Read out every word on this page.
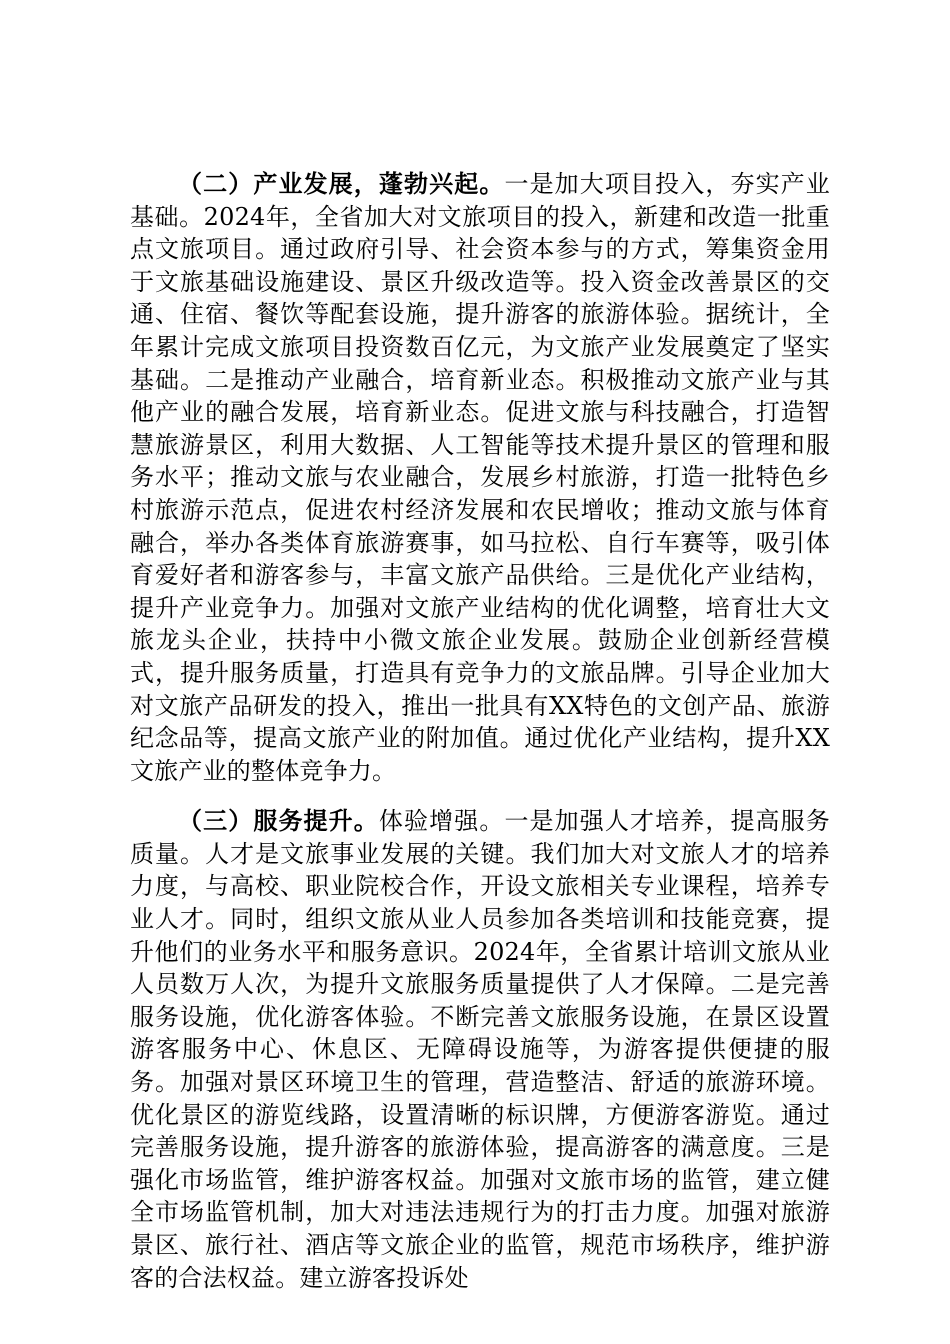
（二）产业发展，蓬勃兴起。一是加大项目投入，夯实产业基础。2024年，全省加大对文旅项目的投入，新建和改造一批重点文旅项目。通过政府引导、社会资本参与的方式，筹集资金用于文旅基础设施建设、景区升级改造等。投入资金改善景区的交通、住宿、餐饮等配套设施，提升游客的旅游体验。据统计，全年累计完成文旅项目投资数百亿元，为文旅产业发展奠定了坚实基础。二是推动产业融合，培育新业态。积极推动文旅产业与其他产业的融合发展，培育新业态。促进文旅与科技融合，打造智慧旅游景区，利用大数据、人工智能等技术提升景区的管理和服务水平；推动文旅与农业融合，发展乡村旅游，打造一批特色乡村旅游示范点，促进农村经济发展和农民增收；推动文旅与体育融合，举办各类体育旅游赛事，如马拉松、自行车赛等，吸引体育爱好者和游客参与，丰富文旅产品供给。三是优化产业结构，提升产业竞争力。加强对文旅产业结构的优化调整，培育壮大文旅龙头企业，扶持中小微文旅企业发展。鼓励企业创新经营模式，提升服务质量，打造具有竞争力的文旅品牌。引导企业加大对文旅产品研发的投入，推出一批具有XX特色的文创产品、旅游纪念品等，提高文旅产业的附加值。通过优化产业结构，提升XX文旅产业的整体竞争力。

（三）服务提升。体验增强。一是加强人才培养，提高服务质量。人才是文旅事业发展的关键。我们加大对文旅人才的培养力度，与高校、职业院校合作，开设文旅相关专业课程，培养专业人才。同时，组织文旅从业人员参加各类培训和技能竞赛，提升他们的业务水平和服务意识。2024年，全省累计培训文旅从业人员数万人次，为提升文旅服务质量提供了人才保障。二是完善服务设施，优化游客体验。不断完善文旅服务设施，在景区设置游客服务中心、休息区、无障碍设施等，为游客提供便捷的服务。加强对景区环境卫生的管理，营造整洁、舒适的旅游环境。优化景区的游览线路，设置清晰的标识牌，方便游客游览。通过完善服务设施，提升游客的旅游体验，提高游客的满意度。三是强化市场监管，维护游客权益。加强对文旅市场的监管，建立健全市场监管机制，加大对违法违规行为的打击力度。加强对旅游景区、旅行社、酒店等文旅企业的监管，规范市场秩序，维护游客的合法权益。建立游客投诉处
